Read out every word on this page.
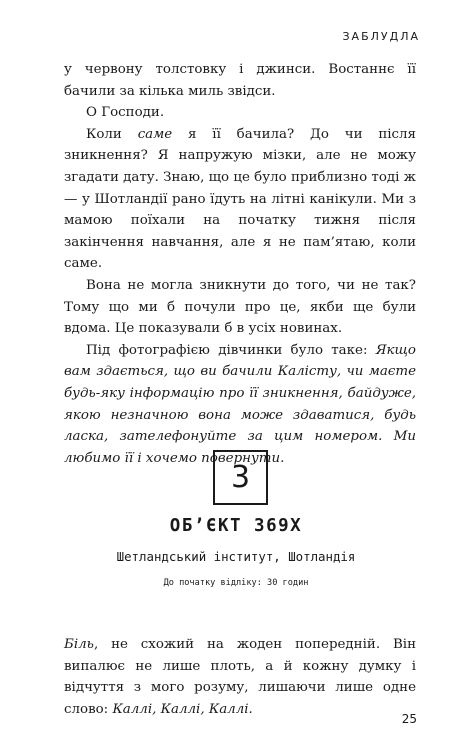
ЗАБЛУДЛА

у червону толстовку і джинси. Востаннє її бачили за кілька миль звідси.

О Господи.

Коли саме я її бачила? До чи після зникнення? Я напружую мізки, але не можу згадати дату. Знаю, що це було приблизно тоді ж — у Шотландії рано їдуть на літні канікули. Ми з мамою поїхали на початку тижня після закінчення навчання, але я не пам’ятаю, коли саме.

Вона не могла зникнути до того, чи не так? Тому що ми б почули про це, якби ще були вдома. Це показували б в усіх новинах.

Під фотографією дівчинки було таке: Якщо вам здається, що ви бачили Калісту, чи маєте будь-яку інформацію про її зникнення, байдуже, якою незначною вона може здаватися, будь ласка, зателефонуйте за цим номером. Ми любимо її і хочемо повернути.

3
ОБ’ЄКТ 369Х
Шетландський інститут, Шотландія
До початку відліку: 30 годин

Біль, не схожий на жоден попередній. Він випалює не лише плоть, а й кожну думку і відчуття з мого розуму, лишаючи лише одне слово: Каллі, Каллі, Каллі.

25
